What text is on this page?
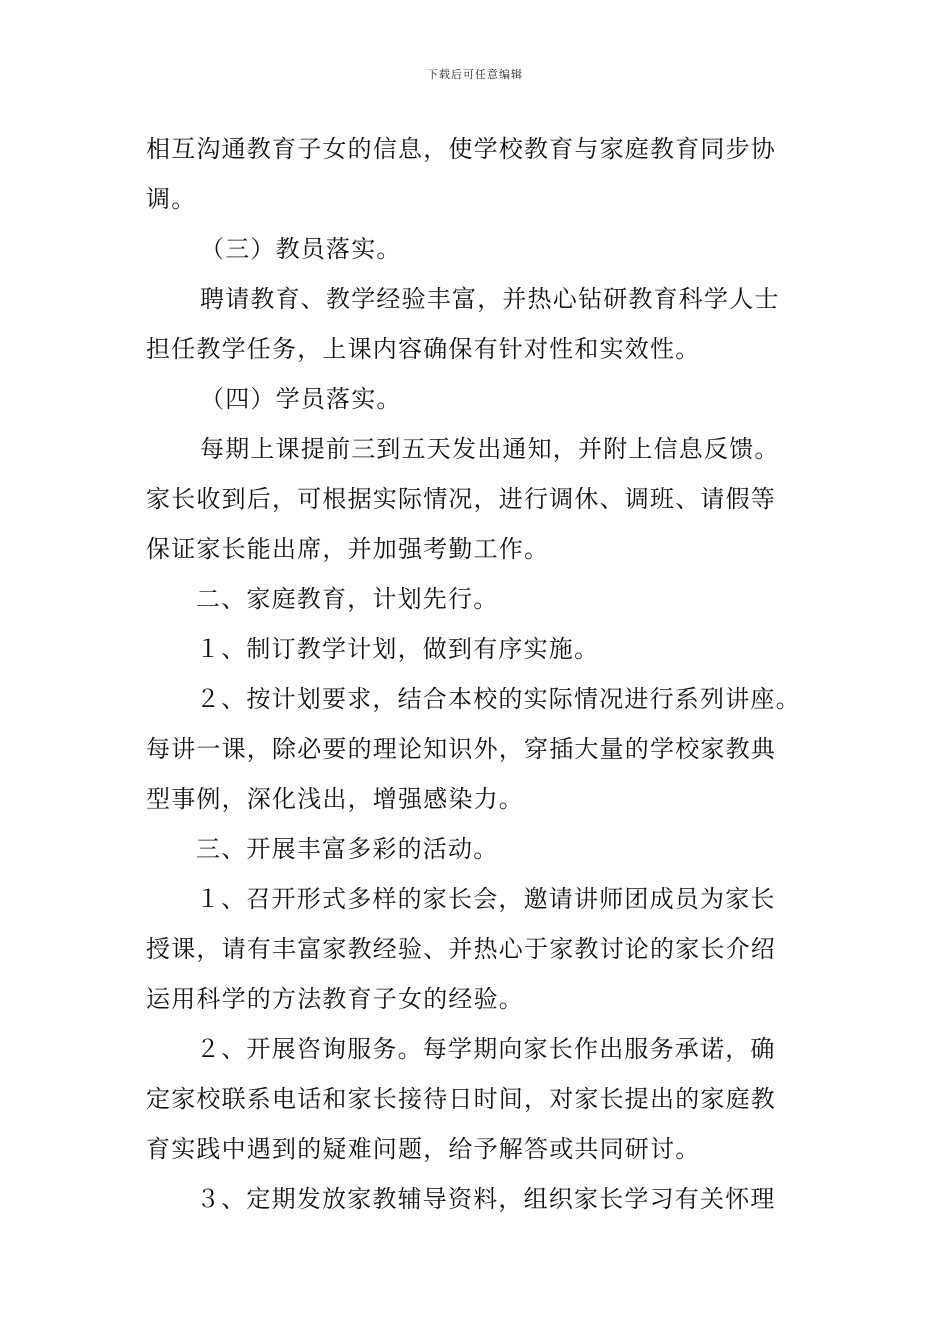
下载后可任意编辑
相互沟通教育子女的信息，使学校教育与家庭教育同步协
调。
（三）教员落实。
聘请教育、教学经验丰富，并热心钻研教育科学人士
担任教学任务，上课内容确保有针对性和实效性。
（四）学员落实。
每期上课提前三到五天发出通知，并附上信息反馈。
家长收到后，可根据实际情况，进行调休、调班、请假等
保证家长能出席，并加强考勤工作。
二、家庭教育，计划先行。
１、制订教学计划，做到有序实施。
２、按计划要求，结合本校的实际情况进行系列讲座。
每讲一课，除必要的理论知识外，穿插大量的学校家教典
型事例，深化浅出，增强感染力。
三、开展丰富多彩的活动。
１、召开形式多样的家长会，邀请讲师团成员为家长
授课，请有丰富家教经验、并热心于家教讨论的家长介绍
运用科学的方法教育子女的经验。
２、开展咨询服务。每学期向家长作出服务承诺，确
定家校联系电话和家长接待日时间，对家长提出的家庭教
育实践中遇到的疑难问题，给予解答或共同研讨。
３、定期发放家教辅导资料，组织家长学习有关怀理
